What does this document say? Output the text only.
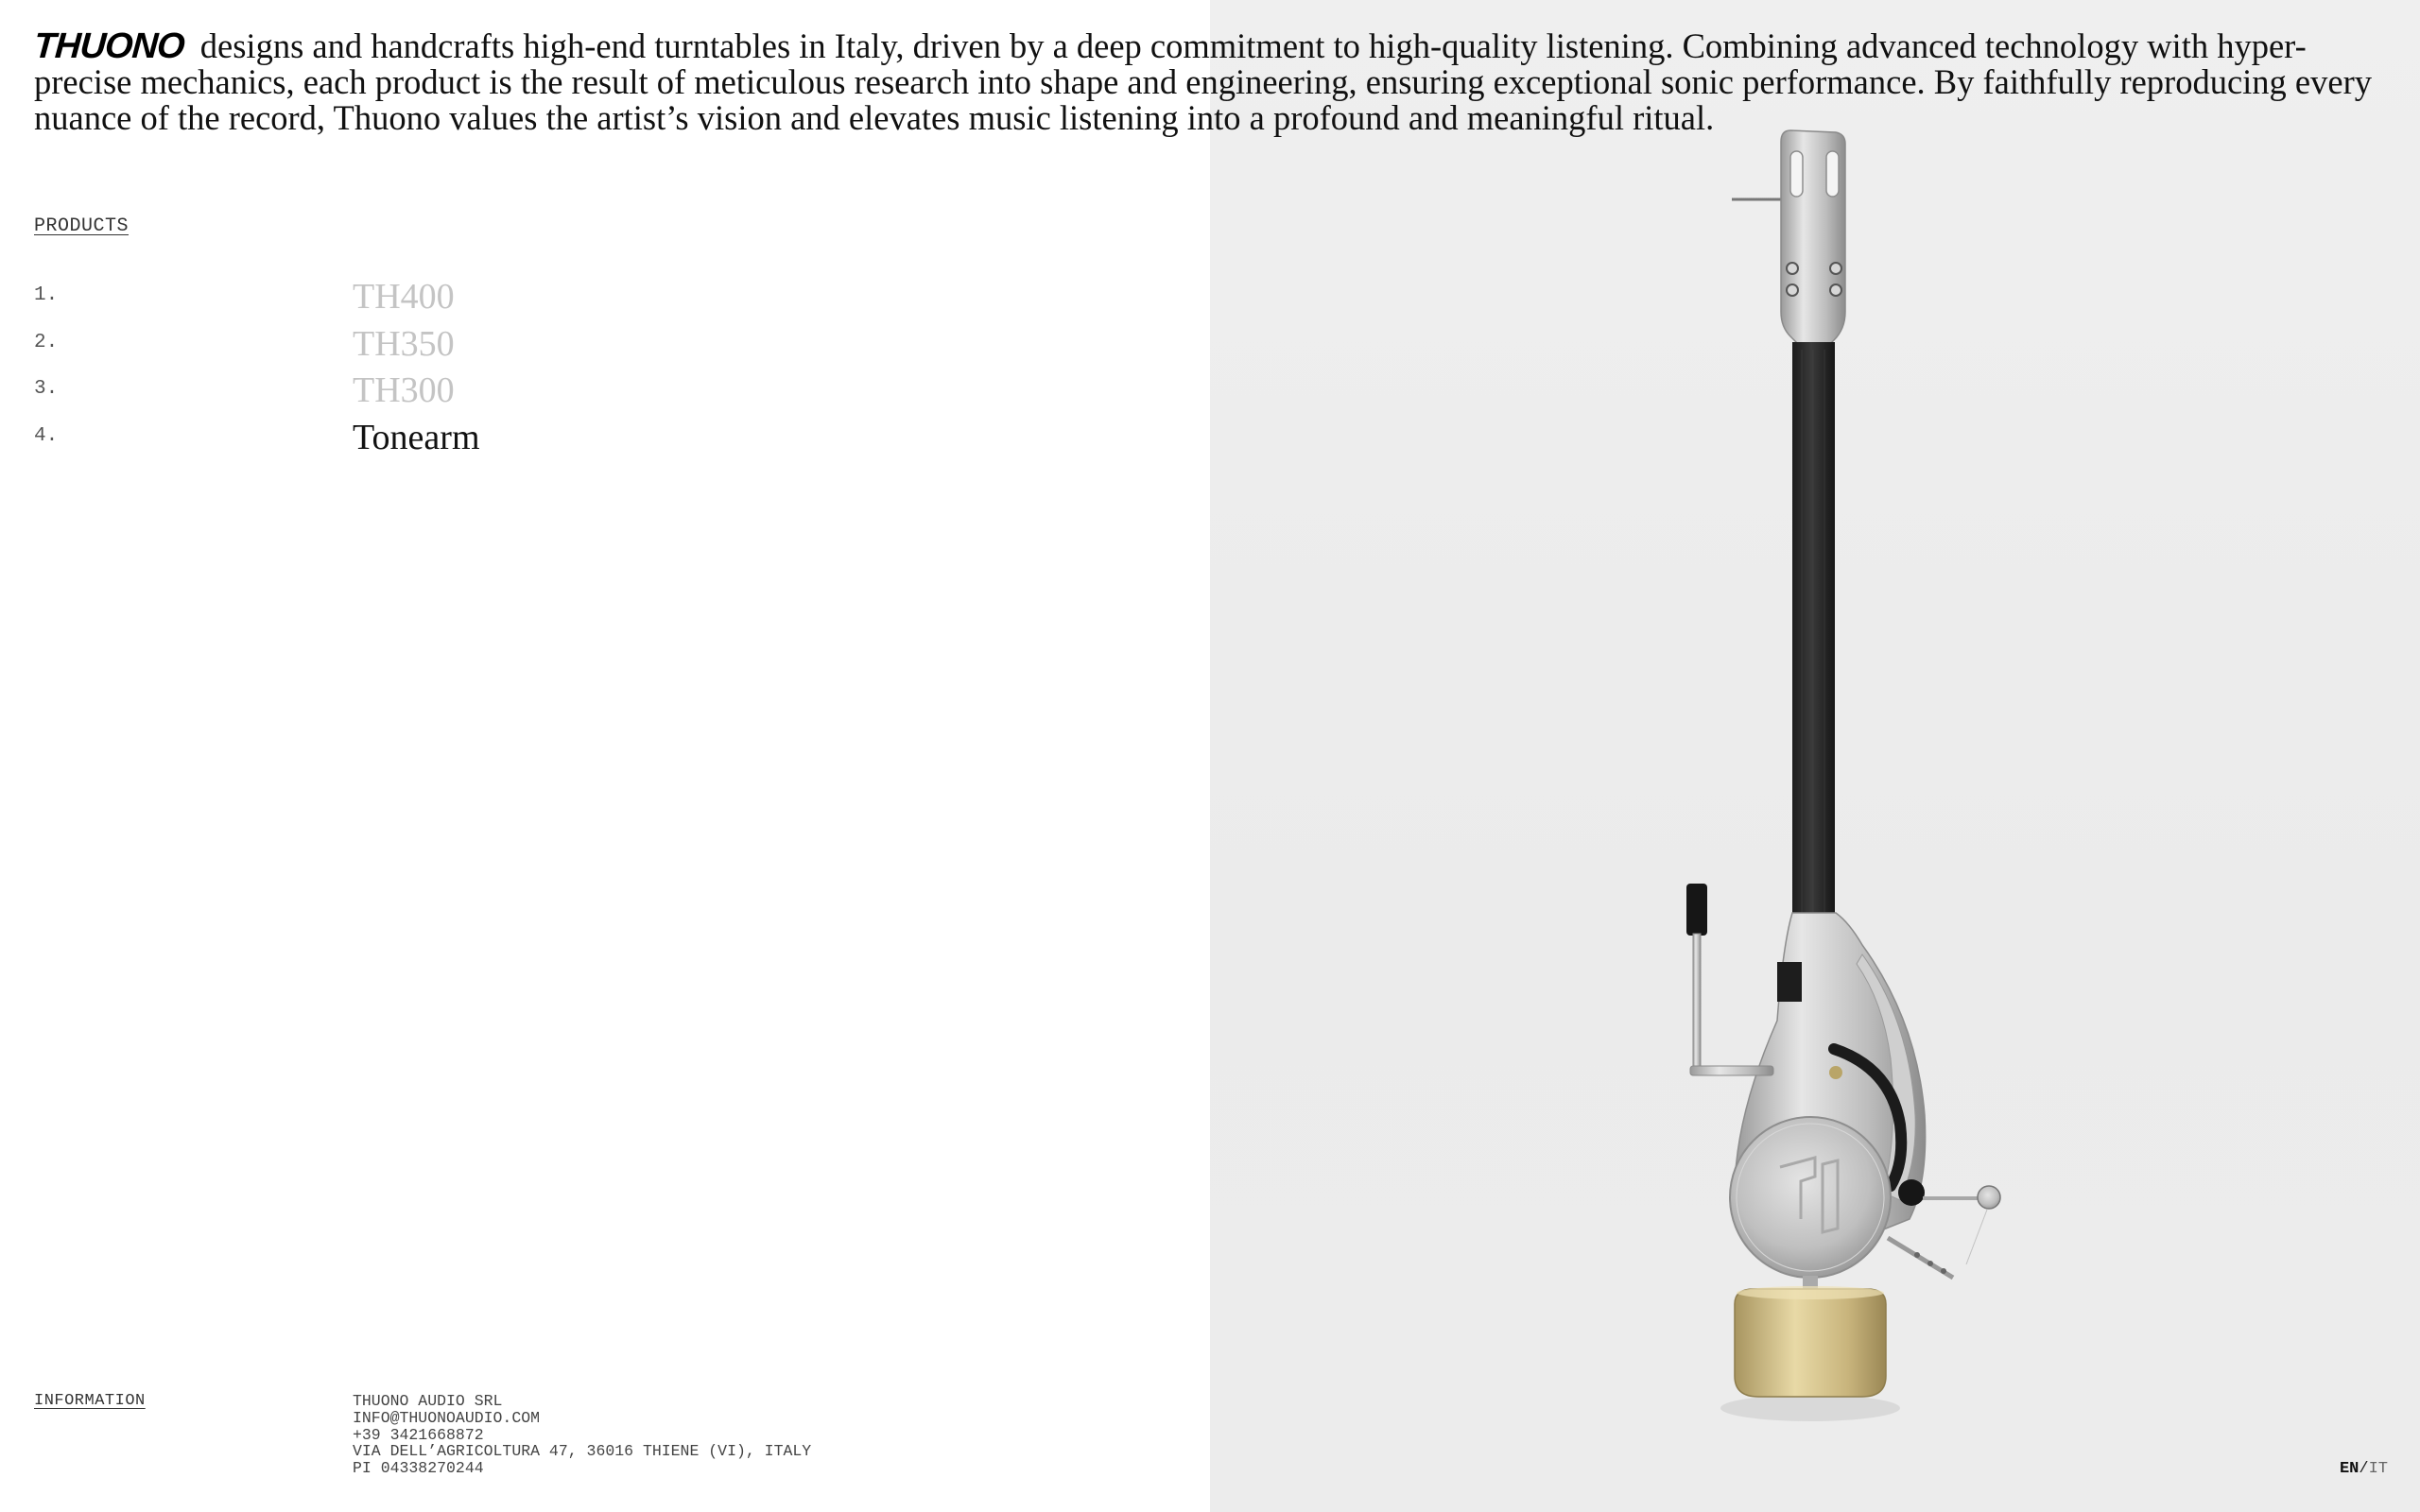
THUONO designs and handcrafts high-end turntables in Italy, driven by a deep commitment to high-quality listening. Combining advanced technology with hyper-precise mechanics, each product is the result of meticulous research into shape and engineering, ensuring exceptional sonic performance. By faithfully reproducing every nuance of the record, Thuono values the artist’s vision and elevates music listening into a profound and meaningful ritual.

PRODUCTS
1.	TH400
2.	TH350
3.	TH300
4.	Tonearm
INFORMATION	THUONO AUDIO SRL
INFO@THUONOAUDIO.COM
+39 3421668872
VIA DELL’AGRICOLTURA 47, 36016 THIENE (VI), ITALY
PI 04338270244	EN/IT
